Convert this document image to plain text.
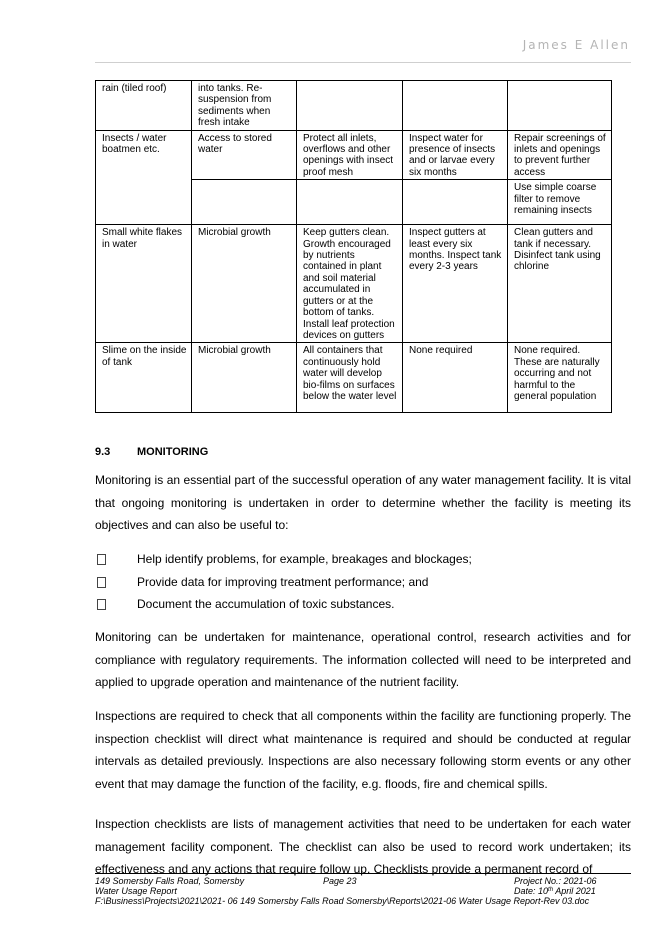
James E Allen
rain (tiled roof)	into tanks. Re-suspension from sediments when fresh intake			
Insects / water boatmen etc.	Access to stored water	Protect all inlets, overflows and other openings with insect proof mesh	Inspect water for presence of insects and or larvae every six months	Repair screenings of inlets and openings to prevent further access
				Use simple coarse filter to remove remaining insects
Small white flakes in water	Microbial growth	Keep gutters clean. Growth encouraged by nutrients contained in plant and soil material accumulated in gutters or at the bottom of tanks. Install leaf protection devices on gutters	Inspect gutters at least every six months. Inspect tank every 2-3 years	Clean gutters and tank if necessary. Disinfect tank using chlorine
Slime on the inside of tank	Microbial growth	All containers that continuously hold water will develop bio-films on surfaces below the water level	None required	None required. These are naturally occurring and not harmful to the general population
9.3 MONITORING

Monitoring is an essential part of the successful operation of any water management facility. It is vital that ongoing monitoring is undertaken in order to determine whether the facility is meeting its objectives and can also be useful to:

Help identify problems, for example, breakages and blockages;
Provide data for improving treatment performance; and
Document the accumulation of toxic substances.

Monitoring can be undertaken for maintenance, operational control, research activities and for compliance with regulatory requirements. The information collected will need to be interpreted and applied to upgrade operation and maintenance of the nutrient facility.

Inspections are required to check that all components within the facility are functioning properly. The inspection checklist will direct what maintenance is required and should be conducted at regular intervals as detailed previously. Inspections are also necessary following storm events or any other event that may damage the function of the facility, e.g. floods, fire and chemical spills.

Inspection checklists are lists of management activities that need to be undertaken for each water management facility component. The checklist can also be used to record work undertaken; its effectiveness and any actions that require follow up. Checklists provide a permanent record of

149 Somersby Falls Road, Somersby	Page 23	Project No.: 2021-06
Water Usage Report	Date: 10th April 2021
F:\Business\Projects\2021\2021- 06 149 Somersby Falls Road Somersby\Reports\2021-06 Water Usage Report-Rev 03.doc
